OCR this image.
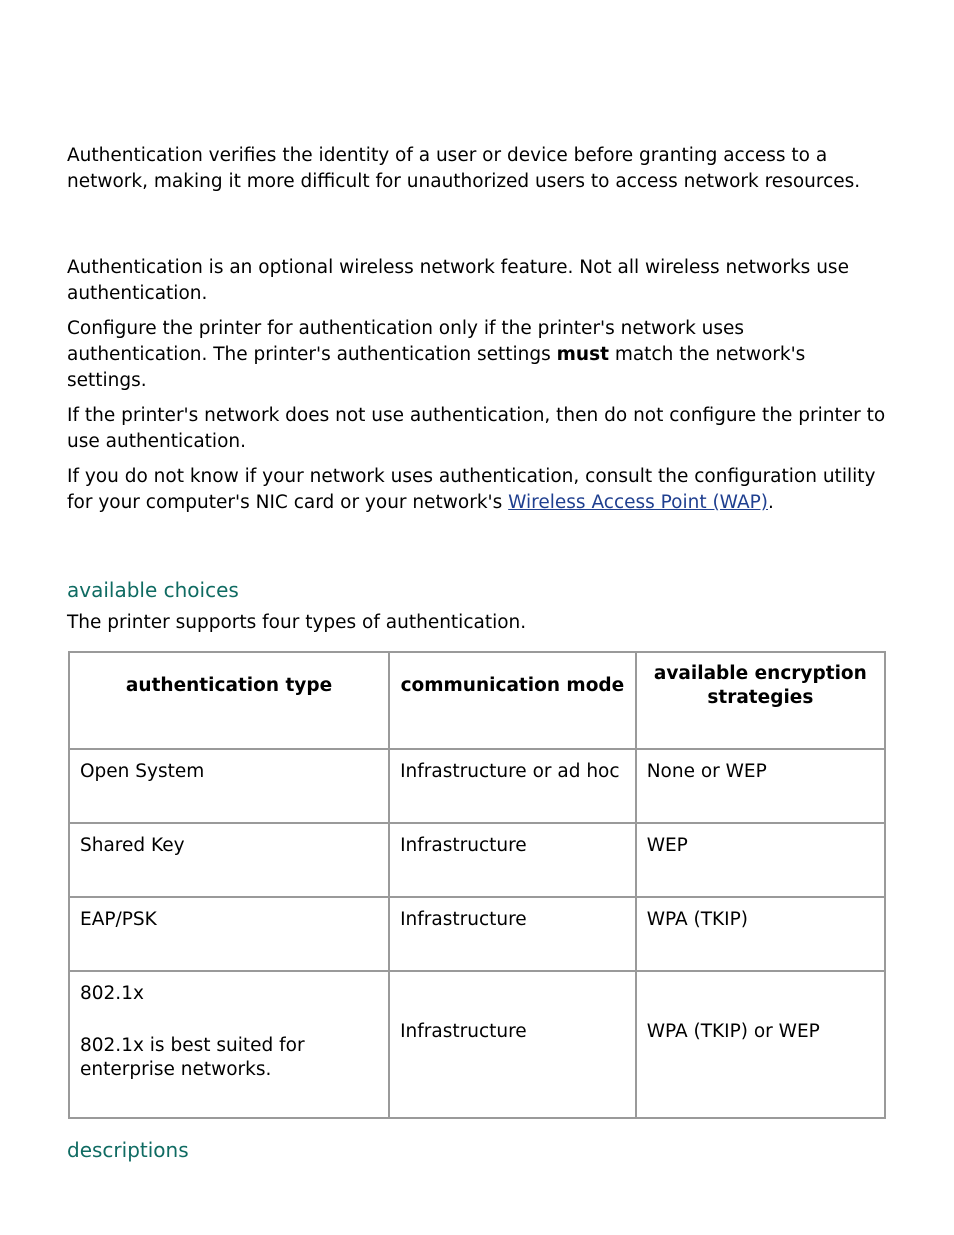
Authentication verifies the identity of a user or device before granting access to a network, making it more difficult for unauthorized users to access network resources.

Authentication is an optional wireless network feature. Not all wireless networks use authentication.

Configure the printer for authentication only if the printer's network uses authentication. The printer's authentication settings must match the network's settings.

If the printer's network does not use authentication, then do not configure the printer to use authentication.

If you do not know if your network uses authentication, consult the configuration utility for your computer's NIC card or your network's Wireless Access Point (WAP).

available choices

The printer supports four types of authentication.

descriptions
authentication type	communication mode	available encryption strategies
Open System	Infrastructure or ad hoc	None or WEP
Shared Key	Infrastructure	WEP
EAP/PSK	Infrastructure	WPA (TKIP)
802.1x
802.1x is best suited for enterprise networks.	Infrastructure	WPA (TKIP) or WEP
